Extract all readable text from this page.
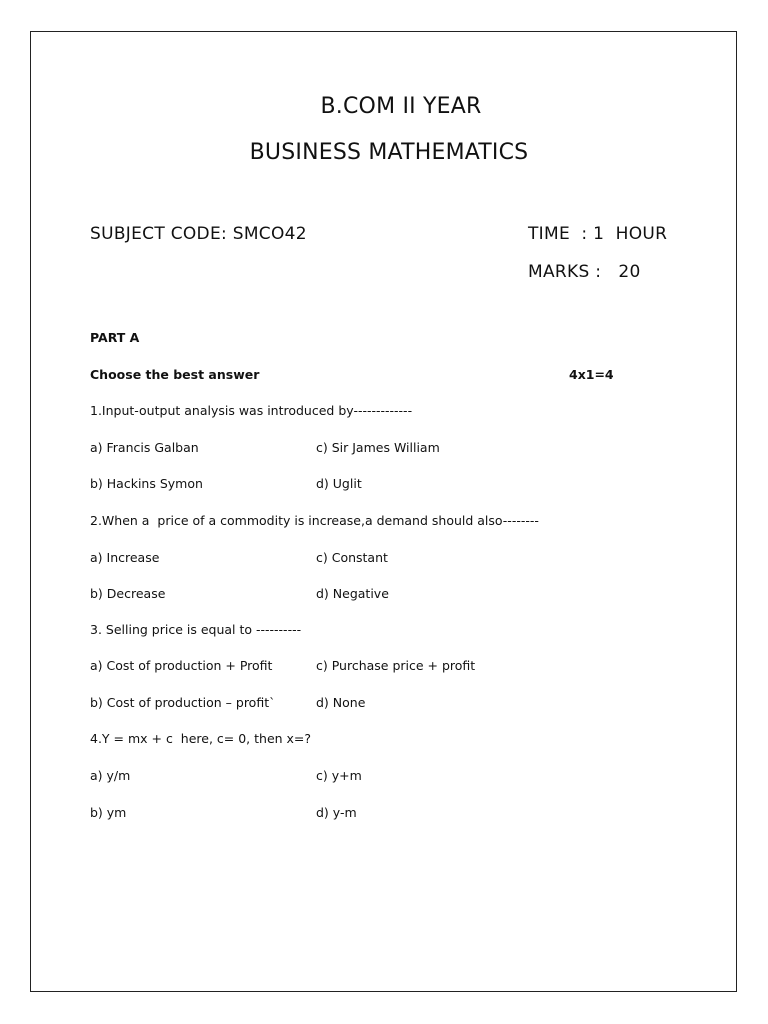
B.COM II YEAR
BUSINESS MATHEMATICS
SUBJECT CODE: SMCO42	TIME  : 1  HOUR
MARKS :   20
PART A
Choose the best answer	4x1=4
1.Input-output analysis was introduced by-------------
a) Francis Galban	c) Sir James William
b) Hackins Symon	d) Uglit
2.When a  price of a commodity is increase,a demand should also--------
a) Increase	c) Constant
b) Decrease	d) Negative
3. Selling price is equal to ----------
a) Cost of production + Profit	c) Purchase price + profit
b) Cost of production – profit`	d) None
4.Y = mx + c  here, c= 0, then x=?
a) y/m	c) y+m
b) ym	d) y-m
